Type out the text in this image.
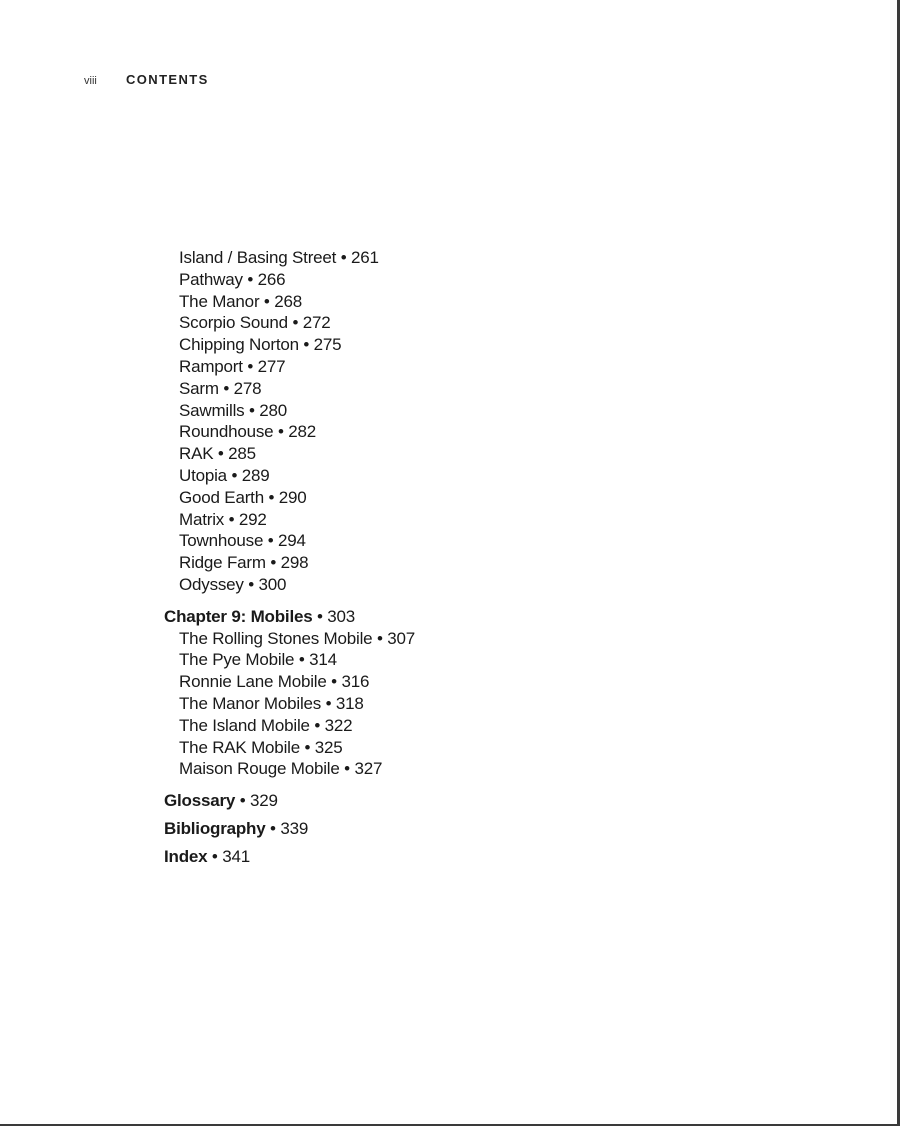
viii	CONTENTS
Island / Basing Street • 261
Pathway • 266
The Manor • 268
Scorpio Sound • 272
Chipping Norton • 275
Ramport • 277
Sarm • 278
Sawmills • 280
Roundhouse • 282
RAK • 285
Utopia • 289
Good Earth • 290
Matrix • 292
Townhouse • 294
Ridge Farm • 298
Odyssey • 300
Chapter 9: Mobiles • 303
The Rolling Stones Mobile • 307
The Pye Mobile • 314
Ronnie Lane Mobile • 316
The Manor Mobiles • 318
The Island Mobile • 322
The RAK Mobile • 325
Maison Rouge Mobile • 327
Glossary • 329
Bibliography • 339
Index • 341
